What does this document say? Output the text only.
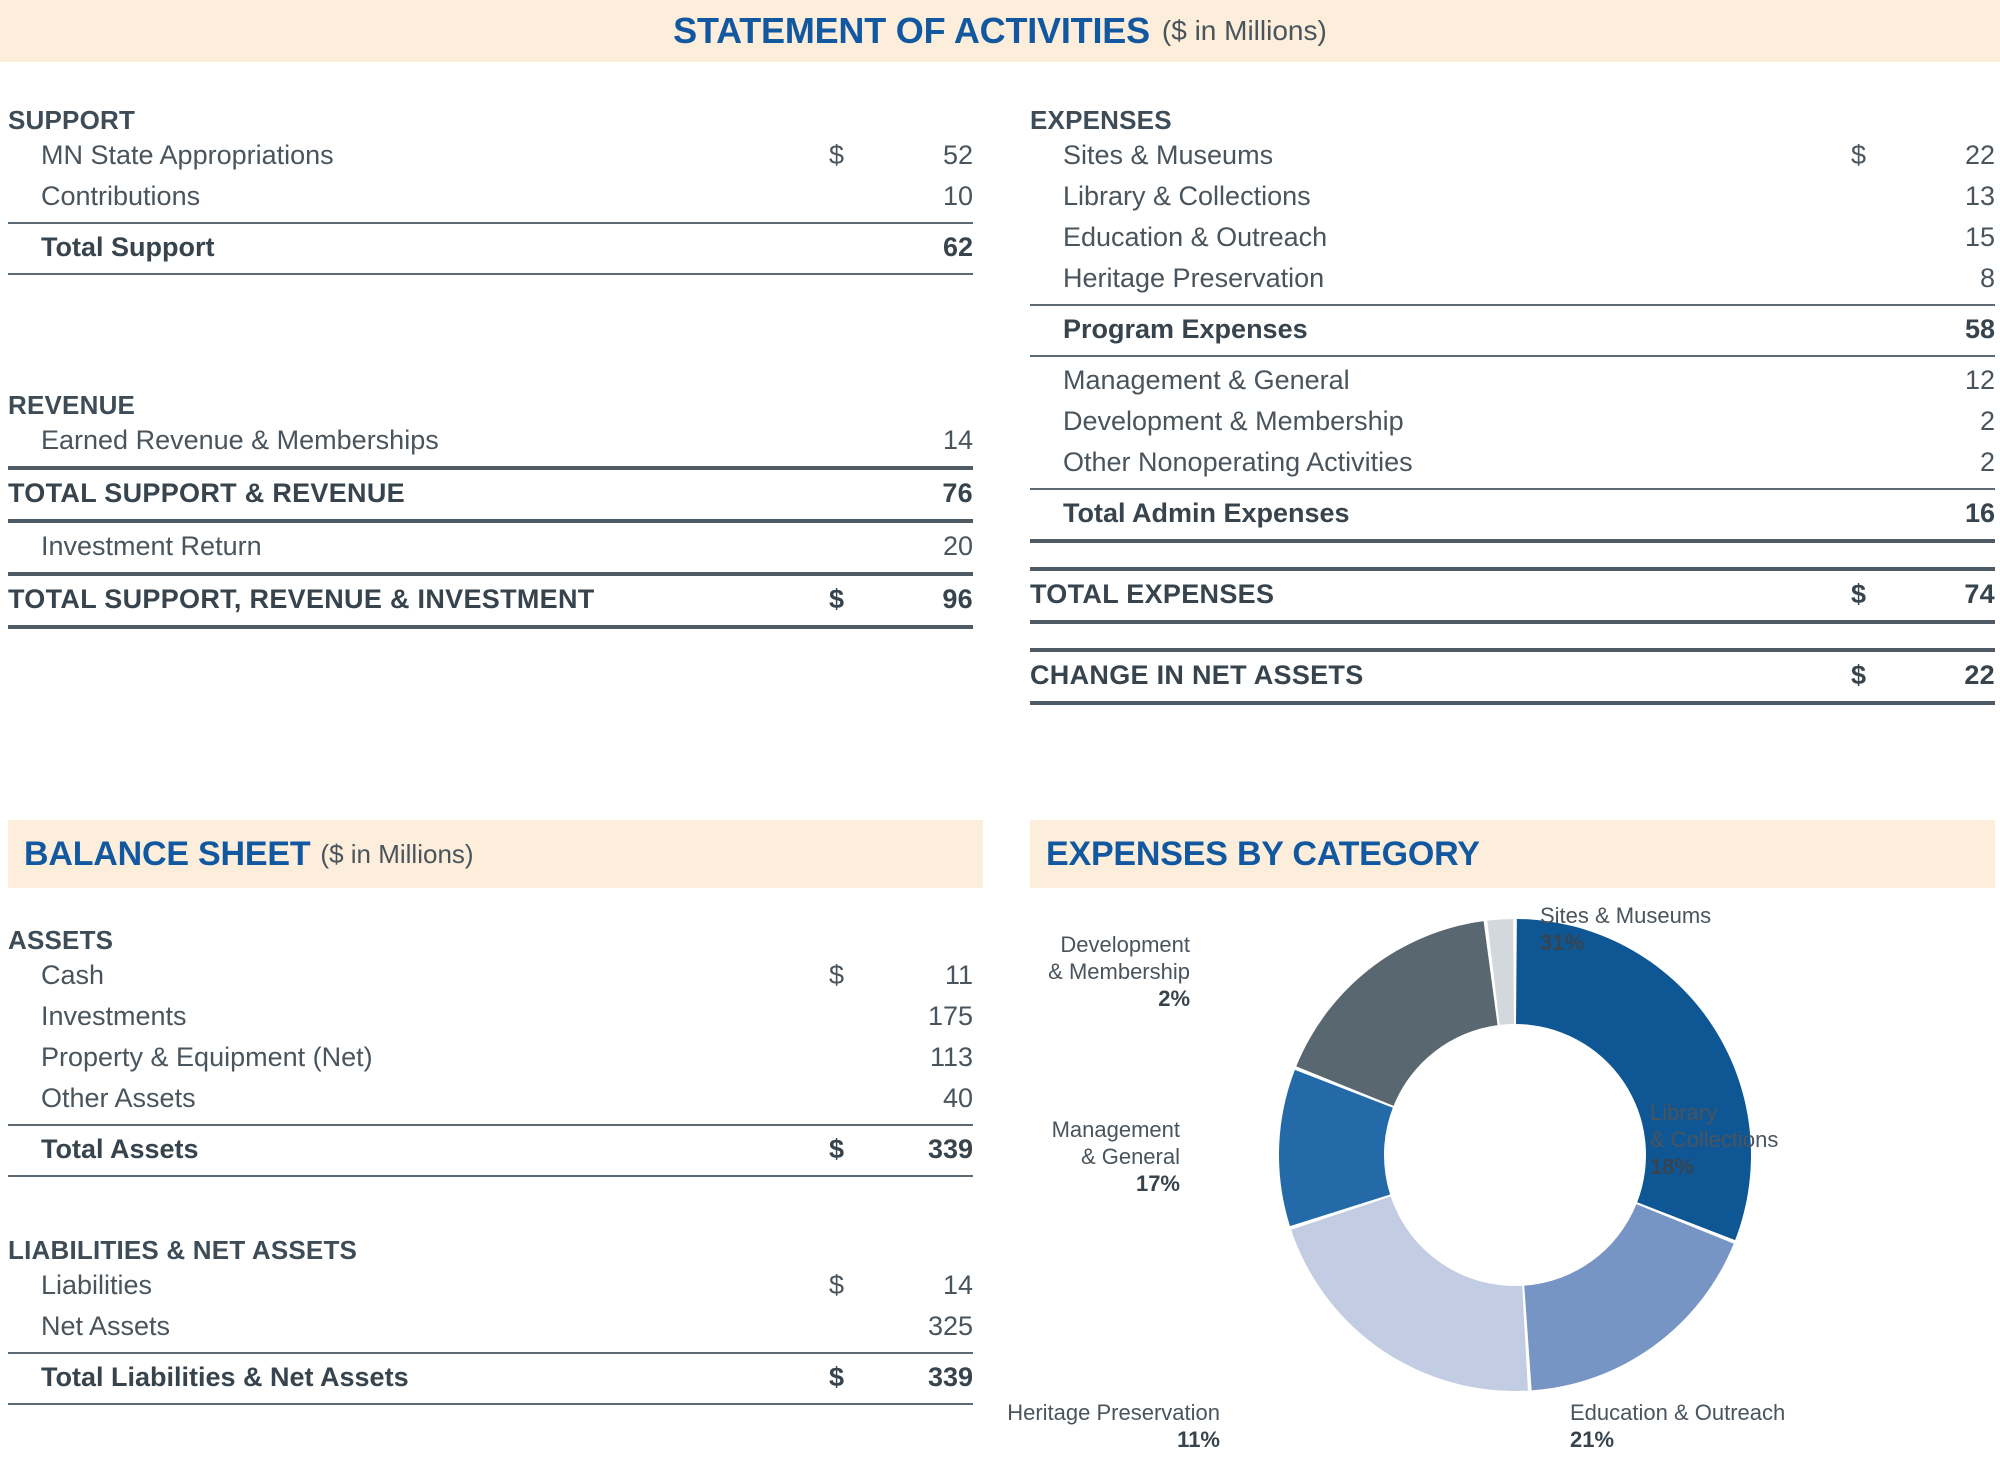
STATEMENT OF ACTIVITIES ($ in Millions)
SUPPORT
MN State Appropriations	$	52
Contributions		10

Total Support		62

REVENUE
Earned Revenue & Memberships		14

TOTAL SUPPORT & REVENUE		76

Investment Return		20

TOTAL SUPPORT, REVENUE & INVESTMENT	$	96

EXPENSES
Sites & Museums	$	22
Library & Collections		13
Education & Outreach		15
Heritage Preservation		8

Program Expenses		58

Management & General		12
Development & Membership		2
Other Nonoperating Activities		2

Total Admin Expenses		16

TOTAL EXPENSES	$	74

CHANGE IN NET ASSETS	$	22

BALANCE SHEET ($ in Millions)
ASSETS
Cash	$	11
Investments		175
Property & Equipment (Net)		113
Other Assets		40

Total Assets	$	339

LIABILITIES & NET ASSETS
Liabilities	$	14
Net Assets		325

Total Liabilities & Net Assets	$	339

EXPENSES BY CATEGORY
Sites & Museums
31%
Library
& Collections
18%
Education & Outreach
21%
Heritage Preservation
11%
Management
& General
17%
Development
& Membership
2%
